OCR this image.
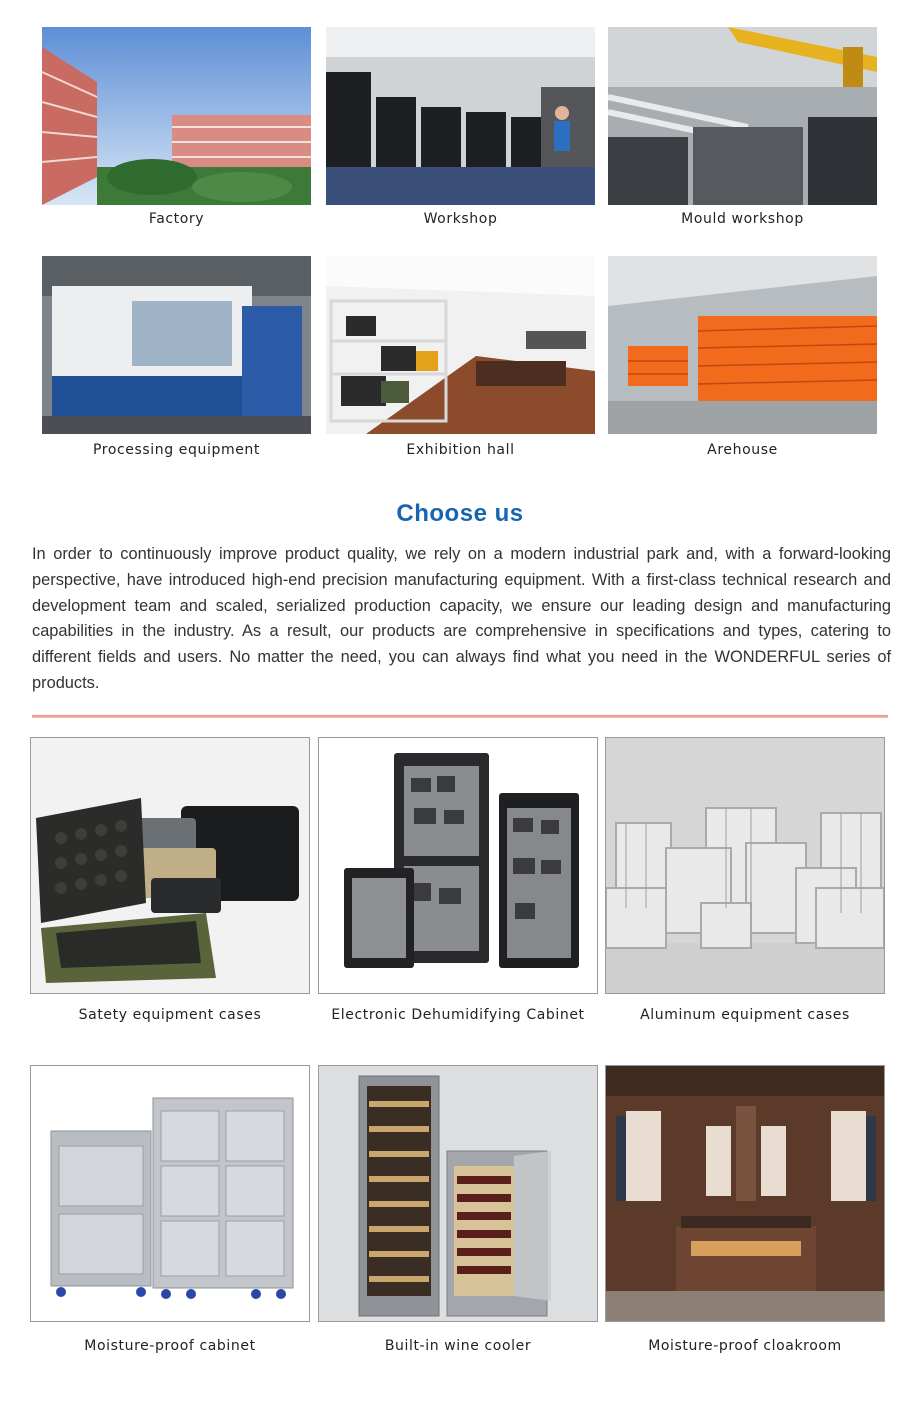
Factory	Workshop	Mould workshop
Processing equipment	Exhibition hall	Arehouse
Choose us

In order to continuously improve product quality, we rely on a modern industrial park and, with a forward-looking perspective, have introduced high-end precision manufacturing equipment. With a first-class technical research and development team and scaled, serialized production capacity, we ensure our leading design and manufacturing capabilities in the industry. As a result, our products are comprehensive in specifications and types, catering to different fields and users. No matter the need, you can always find what you need in the WONDERFUL series of products.

Satety equipment cases	Electronic Dehumidifying Cabinet	Aluminum equipment cases
Moisture-proof cabinet	Built-in wine cooler	Moisture-proof cloakroom
